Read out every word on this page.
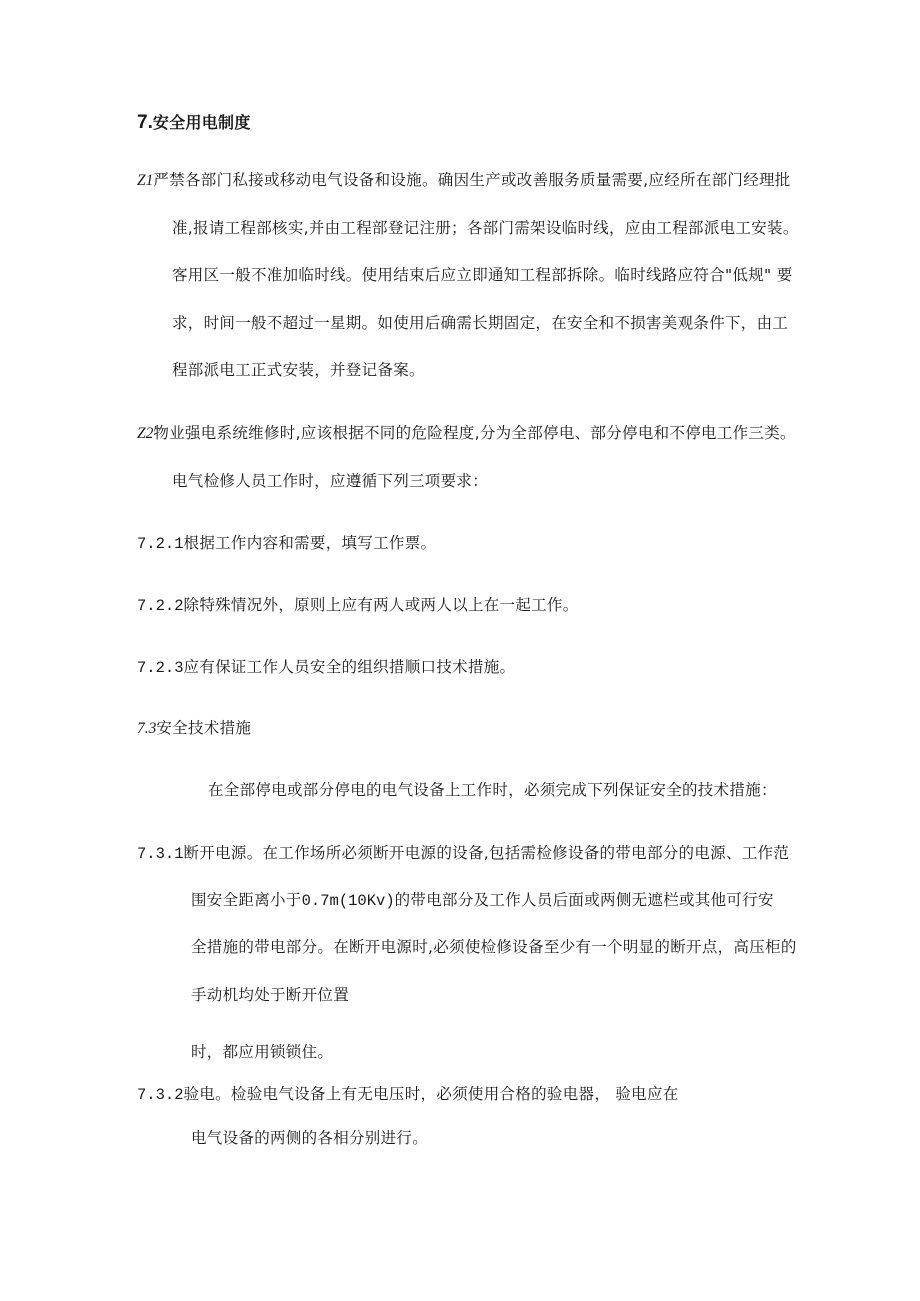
7.安全用电制度
Z1严禁各部门私接或移动电气设备和设施。确因生产或改善服务质量需要,应经所在部门经理批
准,报请工程部核实,并由工程部登记注册；各部门需架设临时线，应由工程部派电工安装。
客用区一般不准加临时线。使用结束后应立即通知工程部拆除。临时线路应符合"低规" 要
求，时间一般不超过一星期。如使用后确需长期固定，在安全和不损害美观条件下，由工
程部派电工正式安装，并登记备案。
Z2物业强电系统维修时,应该根据不同的危险程度,分为全部停电、部分停电和不停电工作三类。
电气检修人员工作时，应遵循下列三项要求：
7.2.1根据工作内容和需要，填写工作票。
7.2.2除特殊情况外，原则上应有两人或两人以上在一起工作。
7.2.3应有保证工作人员安全的组织措顺口技术措施。
7.3安全技术措施
在全部停电或部分停电的电气设备上工作时，必须完成下列保证安全的技术措施：
7.3.1断开电源。在工作场所必须断开电源的设备,包括需检修设备的带电部分的电源、工作范
围安全距离小于0.7m(10Kv)的带电部分及工作人员后面或两侧无遮栏或其他可行安
全措施的带电部分。在断开电源时,必须使检修设备至少有一个明显的断开点，高压柜的
手动机均处于断开位置
时，都应用锁锁住。
7.3.2验电。检验电气设备上有无电压时，必须使用合格的验电器， 验电应在
电气设备的两侧的各相分别进行。
